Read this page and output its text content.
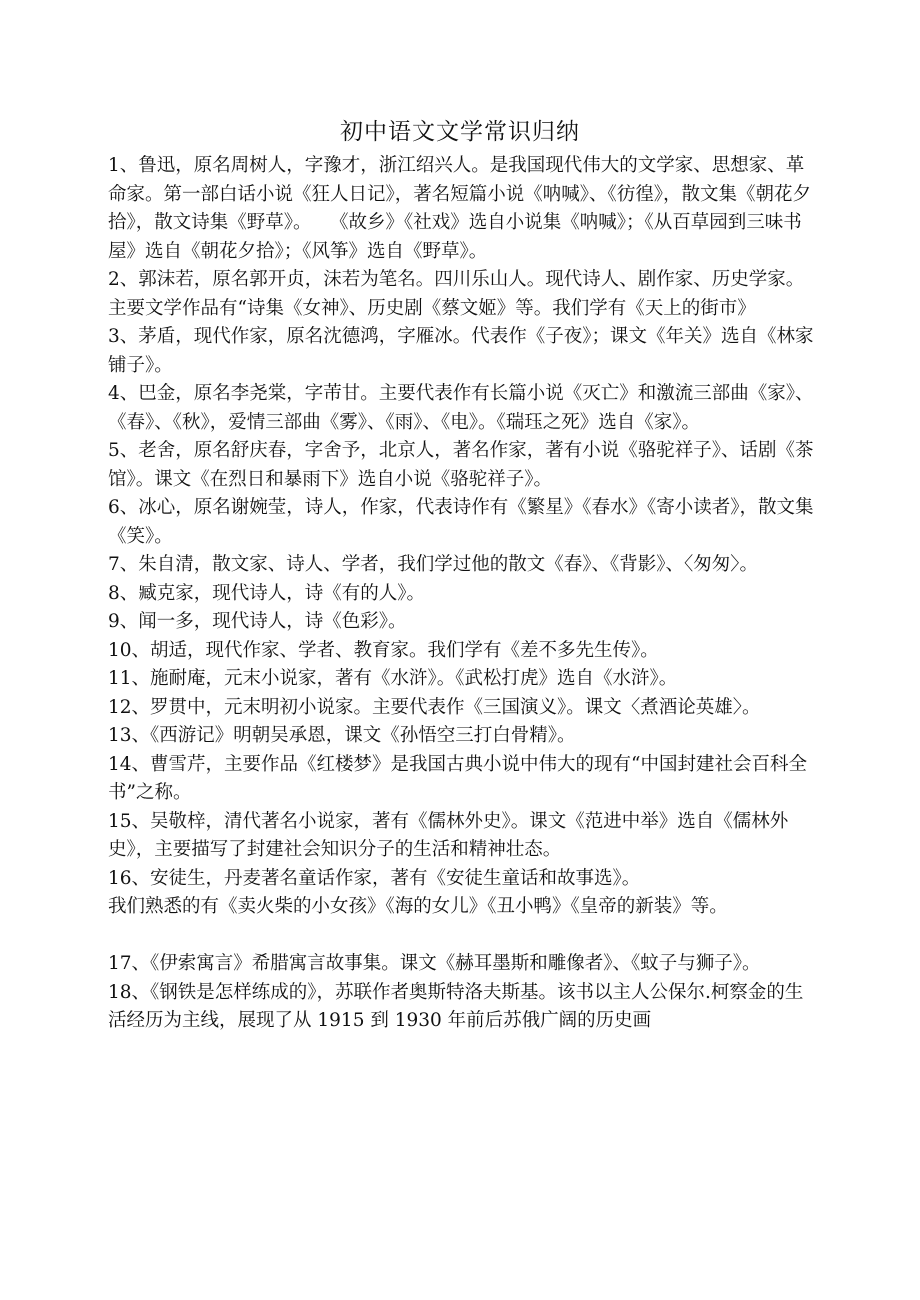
初中语文文学常识归纳

1、鲁迅，原名周树人，字豫才，浙江绍兴人。是我国现代伟大的文学家、思想家、革命家。第一部白话小说《狂人日记》，著名短篇小说《呐喊》、《彷徨》，散文集《朝花夕拾》，散文诗集《野草》。　　《故乡》《社戏》选自小说集《呐喊》；《从百草园到三味书屋》选自《朝花夕拾》；《风筝》选自《野草》。

2、郭沫若，原名郭开贞，沫若为笔名。四川乐山人。现代诗人、剧作家、历史学家。主要文学作品有“诗集《女神》、历史剧《蔡文姬》等。我们学有《天上的街市》

3、茅盾，现代作家，原名沈德鸿，字雁冰。代表作《子夜》；课文《年关》选自《林家铺子》。

4、巴金，原名李尧棠，字芾甘。主要代表作有长篇小说《灭亡》和激流三部曲《家》、《春》、《秋》，爱情三部曲《雾》、《雨》、《电》。《瑞珏之死》选自《家》。

5、老舍，原名舒庆春，字舍予，北京人，著名作家，著有小说《骆驼祥子》、话剧《茶馆》。课文《在烈日和暴雨下》选自小说《骆驼祥子》。

6、冰心，原名谢婉莹，诗人，作家，代表诗作有《繁星》《春水》《寄小读者》，散文集《笑》。

7、朱自清，散文家、诗人、学者，我们学过他的散文《春》、《背影》、〈匆匆〉。

8、臧克家，现代诗人，诗《有的人》。

9、闻一多，现代诗人，诗《色彩》。

10、胡适，现代作家、学者、教育家。我们学有《差不多先生传》。

11、施耐庵，元末小说家，著有《水浒》。《武松打虎》选自《水浒》。

12、罗贯中，元末明初小说家。主要代表作《三国演义》。课文〈煮酒论英雄〉。

13、《西游记》明朝吴承恩，课文《孙悟空三打白骨精》。

14、曹雪芹，主要作品《红楼梦》是我国古典小说中伟大的现有“中国封建社会百科全书”之称。

15、吴敬梓，清代著名小说家，著有《儒林外史》。课文《范进中举》选自《儒林外史》，主要描写了封建社会知识分子的生活和精神壮态。

16、安徒生，丹麦著名童话作家，著有《安徒生童话和故事选》。

我们熟悉的有《卖火柴的小女孩》《海的女儿》《丑小鸭》《皇帝的新装》等。

17、《伊索寓言》希腊寓言故事集。课文《赫耳墨斯和雕像者》、《蚊子与狮子》。

18、《钢铁是怎样练成的》，苏联作者奥斯特洛夫斯基。该书以主人公保尔.柯察金的生活经历为主线，展现了从 1915 到 1930 年前后苏俄广阔的历史画
